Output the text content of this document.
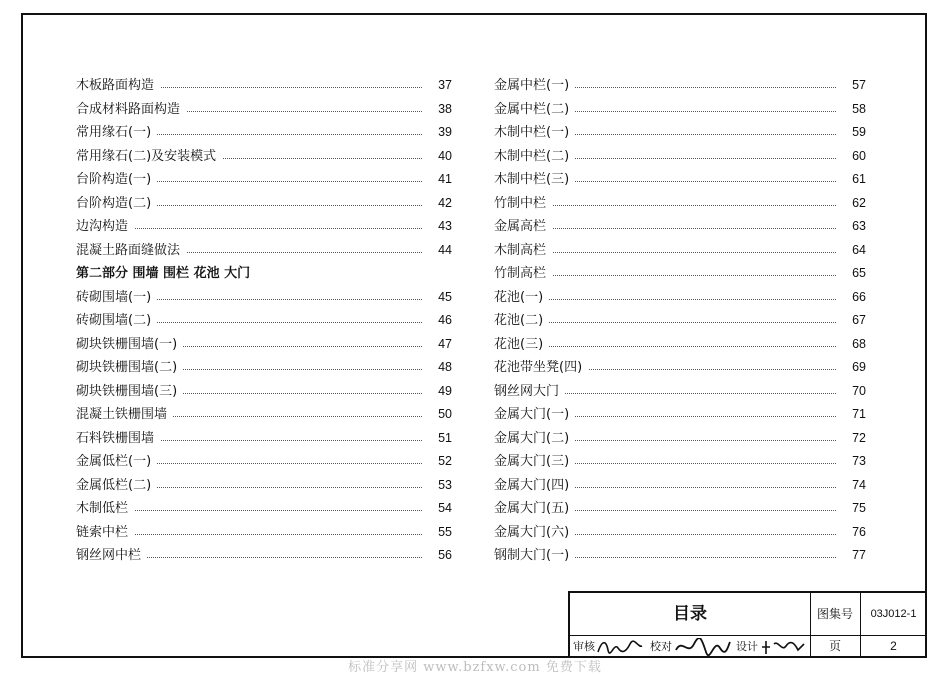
木板路面构造	37
合成材料路面构造	38
常用缘石(一)	39
常用缘石(二)及安装模式	40
台阶构造(一)	41
台阶构造(二)	42
边沟构造	43
混凝土路面缝做法	44
第二部分 围墙 围栏 花池 大门
砖砌围墙(一)	45
砖砌围墙(二)	46
砌块铁栅围墙(一)	47
砌块铁栅围墙(二)	48
砌块铁栅围墙(三)	49
混凝土铁栅围墙	50
石料铁栅围墙	51
金属低栏(一)	52
金属低栏(二)	53
木制低栏	54
链索中栏	55
钢丝网中栏	56
金属中栏(一)	57
金属中栏(二)	58
木制中栏(一)	59
木制中栏(二)	60
木制中栏(三)	61
竹制中栏	62
金属高栏	63
木制高栏	64
竹制高栏	65
花池(一)	66
花池(二)	67
花池(三)	68
花池带坐凳(四)	69
钢丝网大门	70
金属大门(一)	71
金属大门(二)	72
金属大门(三)	73
金属大门(四)	74
金属大门(五)	75
金属大门(六)	76
钢制大门(一)	77
目录	图集号	03J012-1
审核	校对	设计	页	2
标准分享网 www.bzfxw.com 免费下载
